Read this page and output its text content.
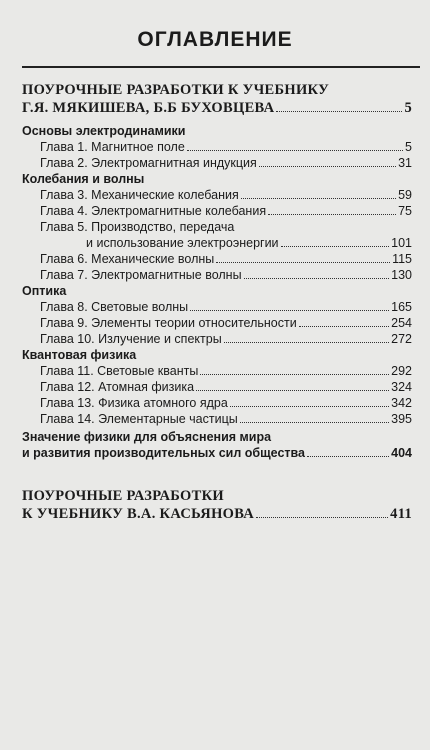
ОГЛАВЛЕНИЕ
ПОУРОЧНЫЕ РАЗРАБОТКИ К УЧЕБНИКУ
Г.Я. МЯКИШЕВА, Б.Б БУХОВЦЕВА	5
Основы электродинамики
Глава 1. Магнитное поле	5
Глава 2. Электромагнитная индукция	31
Колебания и волны
Глава 3. Механические колебания	59
Глава 4. Электромагнитные колебания	75
Глава 5. Производство, передача
и использование электроэнергии	101
Глава 6. Механические волны	115
Глава 7. Электромагнитные волны	130
Оптика
Глава 8. Световые волны	165
Глава 9. Элементы теории относительности	254
Глава 10. Излучение и спектры	272
Квантовая физика
Глава 11. Световые кванты	292
Глава 12. Атомная физика	324
Глава 13. Физика атомного ядра	342
Глава 14. Элементарные частицы	395
Значение физики для объяснения мира
и развития производительных сил общества	404
ПОУРОЧНЫЕ РАЗРАБОТКИ
К УЧЕБНИКУ В.А. КАСЬЯНОВА	411
